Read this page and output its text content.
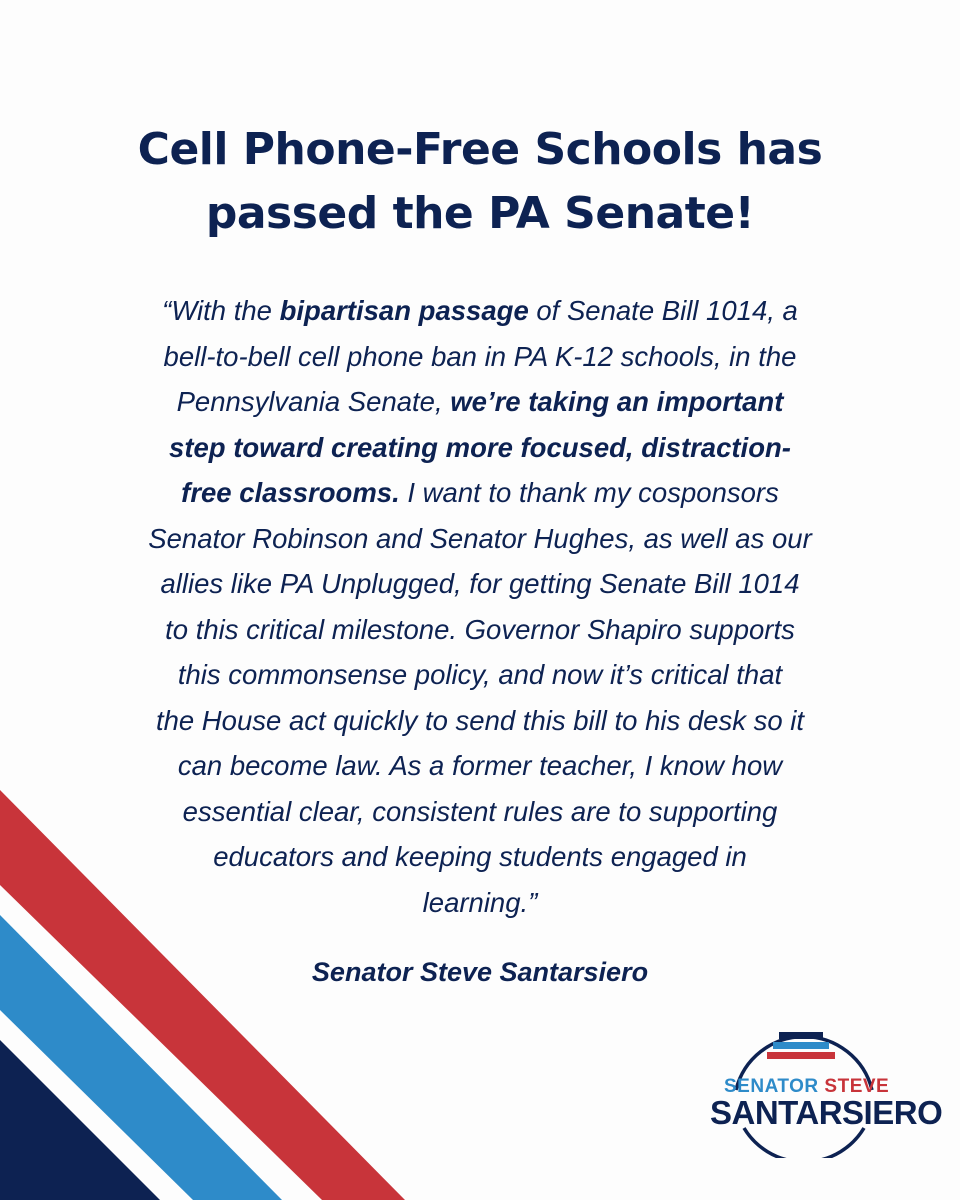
Cell Phone-Free Schools has
passed the PA Senate!
“With the bipartisan passage of Senate Bill 1014, a
bell-to-bell cell phone ban in PA K-12 schools, in the
Pennsylvania Senate, we’re taking an important
step toward creating more focused, distraction-
free classrooms. I want to thank my cosponsors
Senator Robinson and Senator Hughes, as well as our
allies like PA Unplugged, for getting Senate Bill 1014
to this critical milestone. Governor Shapiro supports
this commonsense policy, and now it’s critical that
the House act quickly to send this bill to his desk so it
can become law. As a former teacher, I know how
essential clear, consistent rules are to supporting
educators and keeping students engaged in
learning.”
Senator Steve Santarsiero
SENATOR STEVE
SANTARSIERO
